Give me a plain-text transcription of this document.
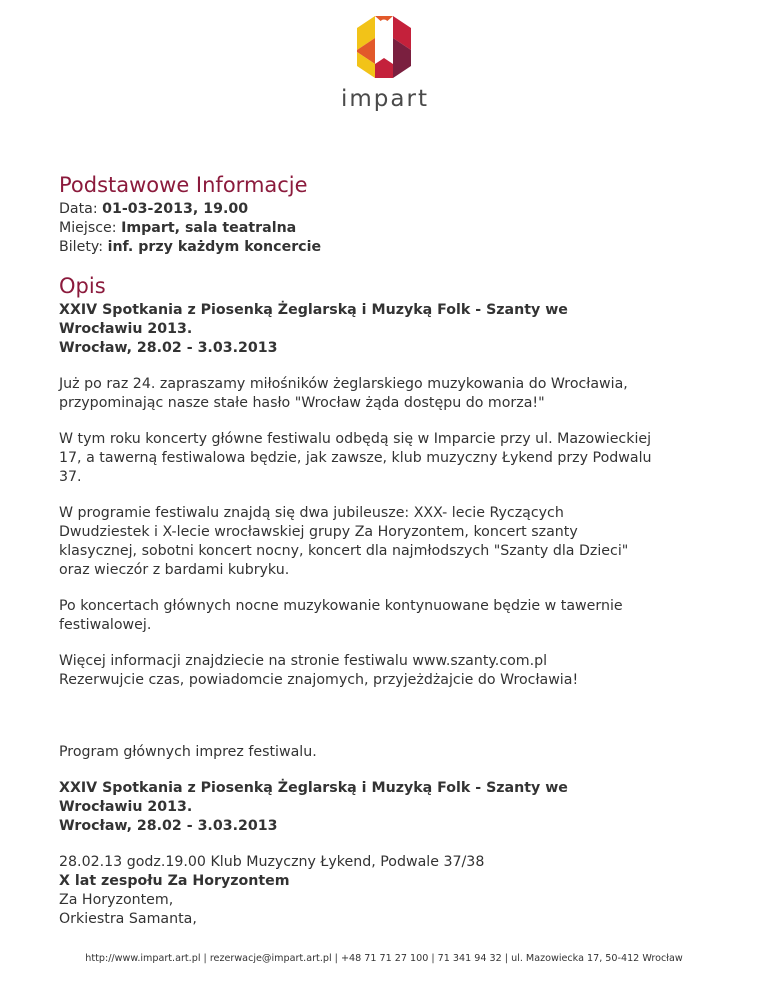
impart
Podstawowe Informacje
Data: 01-03-2013, 19.00
Miejsce: Impart, sala teatralna
Bilety: inf. przy każdym koncercie
Opis

XXIV Spotkania z Piosenką Żeglarską i Muzyką Folk - Szanty we
Wrocławiu 2013.
Wrocław, 28.02 - 3.03.2013

Już po raz 24. zapraszamy miłośników żeglarskiego muzykowania do Wrocławia,
przypominając nasze stałe hasło "Wrocław żąda dostępu do morza!"

W tym roku koncerty główne festiwalu odbędą się w Imparcie przy ul. Mazowieckiej
17, a tawerną festiwalowa będzie, jak zawsze, klub muzyczny Łykend przy Podwalu
37.

W programie festiwalu znajdą się dwa jubileusze: XXX- lecie Ryczących
Dwudziestek i X-lecie wrocławskiej grupy Za Horyzontem, koncert szanty
klasycznej, sobotni koncert nocny, koncert dla najmłodszych "Szanty dla Dzieci"
oraz wieczór z bardami kubryku.

Po koncertach głównych nocne muzykowanie kontynuowane będzie w tawernie
festiwalowej.

Więcej informacji znajdziecie na stronie festiwalu www.szanty.com.pl
Rezerwujcie czas, powiadomcie znajomych, przyjeżdżajcie do Wrocławia!

Program głównych imprez festiwalu.

XXIV Spotkania z Piosenką Żeglarską i Muzyką Folk - Szanty we
Wrocławiu 2013.
Wrocław, 28.02 - 3.03.2013

28.02.13 godz.19.00 Klub Muzyczny Łykend, Podwale 37/38
X lat zespołu Za Horyzontem
Za Horyzontem,
Orkiestra Samanta,

http://www.impart.art.pl | rezerwacje@impart.art.pl | +48 71 71 27 100 | 71 341 94 32 | ul. Mazowiecka 17, 50-412 Wrocław
